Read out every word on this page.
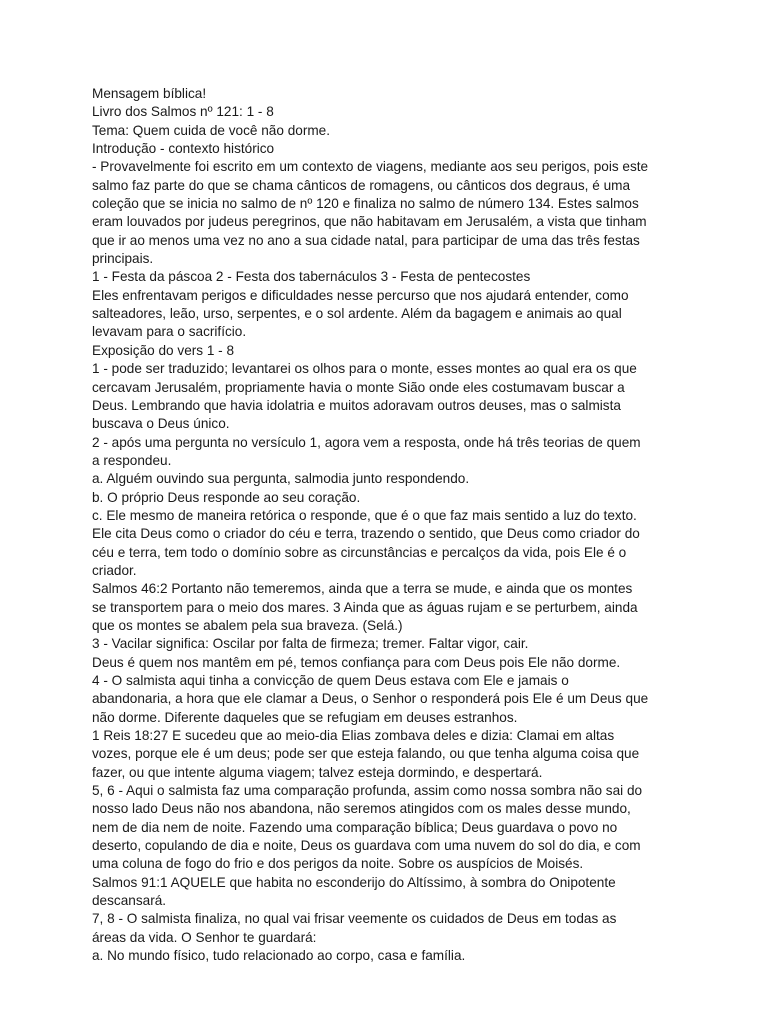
Mensagem bíblica!
Livro dos Salmos nº 121: 1 - 8
Tema: Quem cuida de você não dorme.
Introdução - contexto histórico
- Provavelmente foi escrito em um contexto de viagens, mediante aos seu perigos, pois este
salmo faz parte do que se chama cânticos de romagens, ou cânticos dos degraus, é uma
coleção que se inicia no salmo de nº 120 e finaliza no salmo de número 134. Estes salmos
eram louvados por judeus peregrinos, que não habitavam em Jerusalém, a vista que tinham
que ir ao menos uma vez no ano a sua cidade natal, para participar de uma das três festas
principais.
1 - Festa da páscoa 2 - Festa dos tabernáculos 3 - Festa de pentecostes
Eles enfrentavam perigos e dificuldades nesse percurso que nos ajudará entender, como
salteadores, leão, urso, serpentes, e o sol ardente. Além da bagagem e animais ao qual
levavam para o sacrifício.
Exposição do vers 1 - 8
1 - pode ser traduzido; levantarei os olhos para o monte, esses montes ao qual era os que
cercavam Jerusalém, propriamente havia o monte Sião onde eles costumavam buscar a
Deus. Lembrando que havia idolatria e muitos adoravam outros deuses, mas o salmista
buscava o Deus único.
2 - após uma pergunta no versículo 1, agora vem a resposta, onde há três teorias de quem
a respondeu.
a. Alguém ouvindo sua pergunta, salmodia junto respondendo.
b. O próprio Deus responde ao seu coração.
c. Ele mesmo de maneira retórica o responde, que é o que faz mais sentido a luz do texto.
Ele cita Deus como o criador do céu e terra, trazendo o sentido, que Deus como criador do
céu e terra, tem todo o domínio sobre as circunstâncias e percalços da vida, pois Ele é o
criador.
Salmos 46:2 Portanto não temeremos, ainda que a terra se mude, e ainda que os montes
se transportem para o meio dos mares. 3 Ainda que as águas rujam e se perturbem, ainda
que os montes se abalem pela sua braveza. (Selá.)
3 - Vacilar significa: Oscilar por falta de firmeza; tremer. Faltar vigor, cair.
Deus é quem nos mantêm em pé, temos confiança para com Deus pois Ele não dorme.
4 - O salmista aqui tinha a convicção de quem Deus estava com Ele e jamais o
abandonaria, a hora que ele clamar a Deus, o Senhor o responderá pois Ele é um Deus que
não dorme. Diferente daqueles que se refugiam em deuses estranhos.
1 Reis 18:27 E sucedeu que ao meio-dia Elias zombava deles e dizia: Clamai em altas
vozes, porque ele é um deus; pode ser que esteja falando, ou que tenha alguma coisa que
fazer, ou que intente alguma viagem; talvez esteja dormindo, e despertará.
5, 6 - Aqui o salmista faz uma comparação profunda, assim como nossa sombra não sai do
nosso lado Deus não nos abandona, não seremos atingidos com os males desse mundo,
nem de dia nem de noite. Fazendo uma comparação bíblica; Deus guardava o povo no
deserto, copulando de dia e noite, Deus os guardava com uma nuvem do sol do dia, e com
uma coluna de fogo do frio e dos perigos da noite. Sobre os auspícios de Moisés.
Salmos 91:1 AQUELE que habita no esconderijo do Altíssimo, à sombra do Onipotente
descansará.
7, 8 - O salmista finaliza, no qual vai frisar veemente os cuidados de Deus em todas as
áreas da vida. O Senhor te guardará:
a. No mundo físico, tudo relacionado ao corpo, casa e família.
